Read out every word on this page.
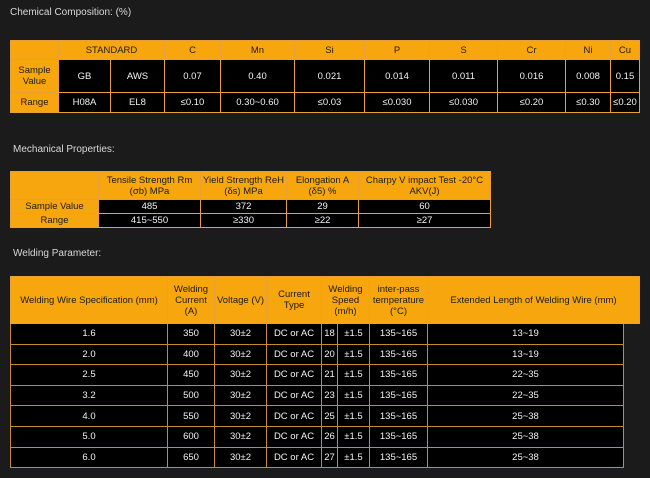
Chemical Composition: (%)
	STANDARD		C	Mn	Si	P	S	Cr	Ni	Cu
Sample Value	GB	AWS	0.07	0.40	0.021	0.014	0.011	0.016	0.008	0.15
Range	H08A	EL8	≤0.10	0.30~0.60	≤0.03	≤0.030	≤0.030	≤0.20	≤0.30	≤0.20
Mechanical Properties:
	Tensile Strength Rm (σb) MPa	Yield Strength ReH (δs) MPa	Elongation A (δ5) %	Charpy V impact Test -20°C AKV(J)
Sample Value	485	372	29	60
Range	415~550	≥330	≥22	≥27
Welding Parameter:
Welding Wire Specification (mm)	Welding Current (A)	Voltage (V)	Current Type	Welding Speed (m/h)		inter-pass temperature (°C)	Extended Length of Welding Wire (mm)	
1.6	350	30±2	DC or AC	18	±1.5	135~165	13~19	
2.0	400	30±2	DC or AC	20	±1.5	135~165	13~19	
2.5	450	30±2	DC or AC	21	±1.5	135~165	22~35	
3.2	500	30±2	DC or AC	23	±1.5	135~165	22~35	
4.0	550	30±2	DC or AC	25	±1.5	135~165	25~38	
5.0	600	30±2	DC or AC	26	±1.5	135~165	25~38	
6.0	650	30±2	DC or AC	27	±1.5	135~165	25~38	
